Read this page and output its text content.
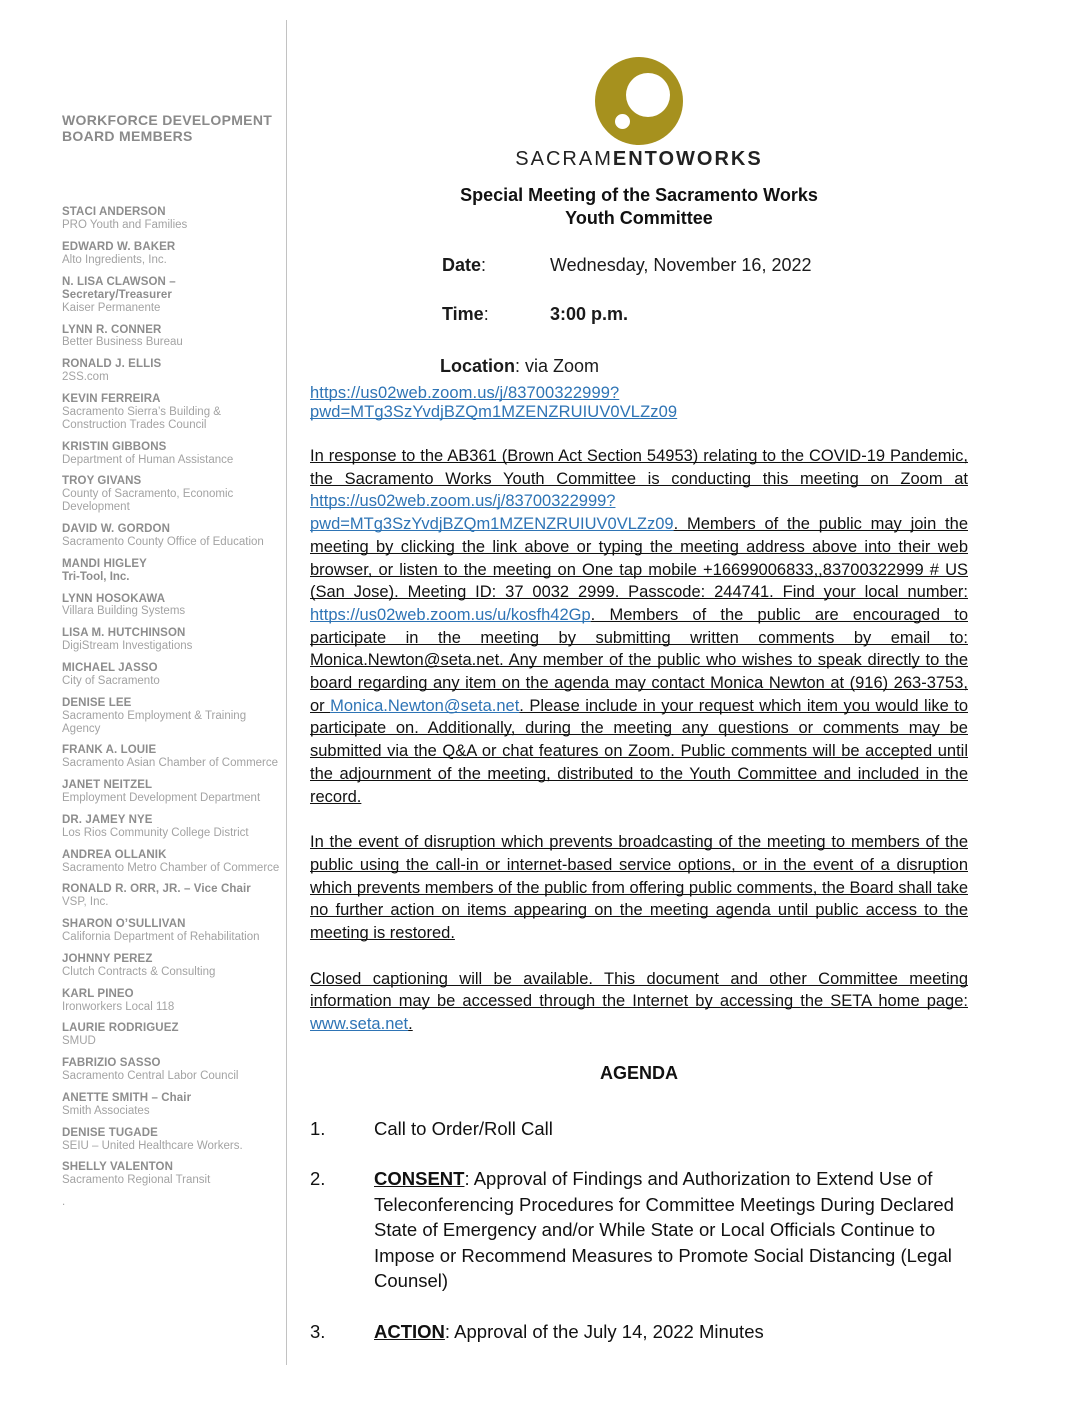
WORKFORCE DEVELOPMENT BOARD MEMBERS
STACI ANDERSON
PRO Youth and Families
EDWARD W. BAKER
Alto Ingredients, Inc.
N. LISA CLAWSON – Secretary/Treasurer
Kaiser Permanente
LYNN R. CONNER
Better Business Bureau
RONALD J. ELLIS
2SS.com
KEVIN FERREIRA
Sacramento Sierra’s Building & Construction Trades Council
KRISTIN GIBBONS
Department of Human Assistance
TROY GIVANS
County of Sacramento, Economic Development
DAVID W. GORDON
Sacramento County Office of Education
MANDI HIGLEY
Tri-Tool, Inc.
LYNN HOSOKAWA
Villara Building Systems
LISA M. HUTCHINSON
DigiStream Investigations
MICHAEL JASSO
City of Sacramento
DENISE LEE
Sacramento Employment & Training Agency
FRANK A. LOUIE
Sacramento Asian Chamber of Commerce
JANET NEITZEL
Employment Development Department
DR. JAMEY NYE
Los Rios Community College District
ANDREA OLLANIK
Sacramento Metro Chamber of Commerce
RONALD R. ORR, JR. – Vice Chair
VSP, Inc.
SHARON O’SULLIVAN
California Department of Rehabilitation
JOHNNY PEREZ
Clutch Contracts & Consulting
KARL PINEO
Ironworkers Local 118
LAURIE RODRIGUEZ
SMUD
FABRIZIO SASSO
Sacramento Central Labor Council
ANETTE SMITH – Chair
Smith Associates
DENISE TUGADE
SEIU – United Healthcare Workers.
SHELLY VALENTON
Sacramento Regional Transit
.
SACRAMENTOWORKS
Special Meeting of the Sacramento Works
Youth Committee
Date:	Wednesday, November 16, 2022
Time:	3:00 p.m.
Location: via Zoom
https://us02web.zoom.us/j/83700322999?pwd=MTg3SzYvdjBZQm1MZENZRUIUV0VLZz09

In response to the AB361 (Brown Act Section 54953) relating to the COVID-19 Pandemic, the Sacramento Works Youth Committee is conducting this meeting on Zoom at https://us02web.zoom.us/j/83700322999?pwd=MTg3SzYvdjBZQm1MZENZRUIUV0VLZz09. Members of the public may join the meeting by clicking the link above or typing the meeting address above into their web browser, or listen to the meeting on One tap mobile +16699006833,,83700322999 # US (San Jose). Meeting ID: 37 0032 2999. Passcode: 244741. Find your local number: https://us02web.zoom.us/u/kosfh42Gp. Members of the public are encouraged to participate in the meeting by submitting written comments by email to: Monica.Newton@seta.net. Any member of the public who wishes to speak directly to the board regarding any item on the agenda may contact Monica Newton at (916) 263-3753, or Monica.Newton@seta.net. Please include in your request which item you would like to participate on. Additionally, during the meeting any questions or comments may be submitted via the Q&A or chat features on Zoom. Public comments will be accepted until the adjournment of the meeting, distributed to the Youth Committee and included in the record.

In the event of disruption which prevents broadcasting of the meeting to members of the public using the call-in or internet-based service options, or in the event of a disruption which prevents members of the public from offering public comments, the Board shall take no further action on items appearing on the meeting agenda until public access to the meeting is restored.

Closed captioning will be available. This document and other Committee meeting information may be accessed through the Internet by accessing the SETA home page: www.seta.net.

AGENDA
1.	Call to Order/Roll Call
2.	CONSENT: Approval of Findings and Authorization to Extend Use of Teleconferencing Procedures for Committee Meetings During Declared State of Emergency and/or While State or Local Officials Continue to Impose or Recommend Measures to Promote Social Distancing (Legal Counsel)
3.	ACTION: Approval of the July 14, 2022 Minutes
